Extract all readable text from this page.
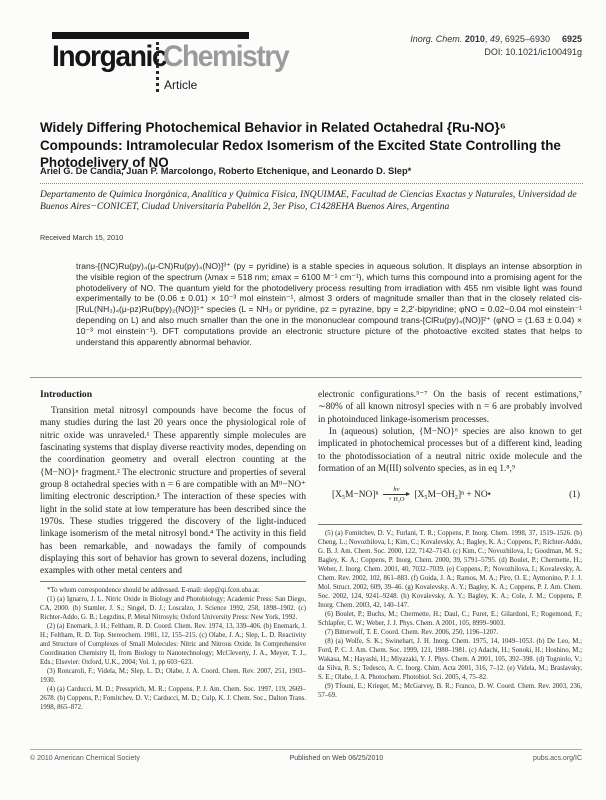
Inorganic
Chemistry
Article
Inorg. Chem. 2010, 49, 6925–6930 6925
DOI: 10.1021/ic100491g
Widely Differing Photochemical Behavior in Related Octahedral {Ru-NO}⁶ Compounds: Intramolecular Redox Isomerism of the Excited State Controlling the Photodelivery of NO
Ariel G. De Candia, Juan P. Marcolongo, Roberto Etchenique, and Leonardo D. Slep*
Departamento de Química Inorgánica, Analítica y Química Física, INQUIMAE, Facultad de Ciencias Exactas y Naturales, Universidad de Buenos Aires−CONICET, Ciudad Universitaria Pabellón 2, 3er Piso, C1428EHA Buenos Aires, Argentina
Received March 15, 2010
trans-[(NC)Ru(py)₄(μ-CN)Ru(py)₄(NO)]³⁺ (py = pyridine) is a stable species in aqueous solution. It displays an intense absorption in the visible region of the spectrum (λmax = 518 nm; εmax = 6100 M⁻¹ cm⁻¹), which turns this compound into a promising agent for the photodelivery of NO. The quantum yield for the photodelivery process resulting from irradiation with 455 nm visible light was found experimentally to be (0.06 ± 0.01) × 10⁻³ mol einstein⁻¹, almost 3 orders of magnitude smaller than that in the closely related cis-[RuL(NH₃)₄(μ-pz)Ru(bpy)₂(NO)]⁵⁺ species (L = NH₃ or pyridine, pz = pyrazine, bpy = 2,2′-bipyridine; φNO = 0.02−0.04 mol einstein⁻¹ depending on L) and also much smaller than the one in the mononuclear compound trans-[ClRu(py)₄(NO)]²⁺ (φNO = (1.63 ± 0.04) × 10⁻³ mol einstein⁻¹). DFT computations provide an electronic structure picture of the photoactive excited states that helps to understand this apparently abnormal behavior.
Introduction
Transition metal nitrosyl compounds have become the focus of many studies during the last 20 years once the physiological role of nitric oxide was unraveled.¹ These apparently simple molecules are fascinating systems that display diverse reactivity modes, depending on the coordination geometry and overall electron counting at the {M−NO}ⁿ fragment.² The electronic structure and properties of several group 8 octahedral species with n = 6 are compatible with an Mᴵᴵ−NO⁺ limiting electronic description.³ The interaction of these species with light in the solid state at low temperature has been described since the 1970s. These studies triggered the discovery of the light-induced linkage isomerism of the metal nitrosyl bond.⁴ The activity in this field has been remarkable, and nowadays the family of compounds displaying this sort of behavior has grown to several dozens, including examples with other metal centers and
*To whom correspondence should be addressed. E-mail: slep@qi.fcen.uba.ar.
(1) (a) Ignarro, J. L. Nitric Oxide in Biology and Photobiology; Academic Press: San Diego, CA, 2000. (b) Stamler, J. S.; Singel, D. J.; Loscalzo, J. Science 1992, 258, 1898–1902. (c) Richter-Addo, G. B.; Legzdins, P. Metal Nitrosyls; Oxford University Press: New York, 1992.
(2) (a) Enemark, J. H.; Feltham, R. D. Coord. Chem. Rev. 1974, 13, 339–406. (b) Enemark, J. H.; Feltham, R. D. Top. Stereochem. 1981, 12, 155–215. (c) Olabe, J. A.; Slep, L. D. Reactivity and Structure of Complexes of Small Molecules: Nitric and Nitrous Oxide. In Comprehensive Coordination Chemistry II, from Biology to Nanotechnology; McCleverty, J. A., Meyer, T. J., Eds.; Elsevier: Oxford, U.K., 2004; Vol. 1, pp 603−623.
(3) Roncaroli, F.; Videla, M.; Slep, L. D.; Olabe, J. A. Coord. Chem. Rev. 2007, 251, 1903–1930.
(4) (a) Carducci, M. D.; Pressprich, M. R.; Coppens, P. J. Am. Chem. Soc. 1997, 119, 2669–2678. (b) Coppens, P.; Fomitchev, D. V.; Carducci, M. D.; Culp, K. J. Chem. Soc., Dalton Trans. 1998, 865–872.
electronic configurations.⁵⁻⁷ On the basis of recent estimations,⁷ ∼80% of all known nitrosyl species with n = 6 are probably involved in photoinduced linkage-isomerism processes.
In (aqueous) solution, {M−NO}⁶ species are also known to get implicated in photochemical processes but of a different kind, leading to the photodissociation of a neutral nitric oxide molecule and the formation of an M(III) solvento species, as in eq 1.⁸,⁹
[X₅M−NO]ⁿ hν
+ H₂O [X₅M−OH₂]ⁿ + NO•	(1)
(5) (a) Fomitchev, D. V.; Furlani, T. R.; Coppens, P. Inorg. Chem. 1998, 37, 1519–1526. (b) Cheng, L.; Novozhilova, I.; Kim, C.; Kovalevsky, A.; Bagley, K. A.; Coppens, P.; Richter-Addo, G. B. J. Am. Chem. Soc. 2000, 122, 7142–7143. (c) Kim, C.; Novozhilova, I.; Goodman, M. S.; Bagley, K. A.; Coppens, P. Inorg. Chem. 2000, 39, 5791–5795. (d) Boulet, P.; Chermette, H.; Weber, J. Inorg. Chem. 2001, 40, 7032–7039. (e) Coppens, P.; Novozhilova, I.; Kovalevsky, A. Chem. Rev. 2002, 102, 861–883. (f) Guida, J. A.; Ramos, M. A.; Piro, O. E.; Aymonino, P. J. J. Mol. Struct. 2002, 609, 39–46. (g) Kovalevsky, A. Y.; Bagley, K. A.; Coppens, P. J. Am. Chem. Soc. 2002, 124, 9241–9248. (h) Kovalevsky, A. Y.; Bagley, K. A.; Cole, J. M.; Coppens, P. Inorg. Chem. 2003, 42, 140–147.
(6) Boulet, P.; Buchs, M.; Chermette, H.; Daul, C.; Furet, E.; Gilardoni, F.; Rogemond, F.; Schlapfer, C. W.; Weber, J. J. Phys. Chem. A 2001, 105, 8999–9003.
(7) Bitterwolf, T. E. Coord. Chem. Rev. 2006, 250, 1196–1207.
(8) (a) Wolfe, S. K.; Swinehart, J. H. Inorg. Chem. 1975, 14, 1049–1053. (b) De Leo, M.; Ford, P. C. J. Am. Chem. Soc. 1999, 121, 1980–1981. (c) Adachi, H.; Sonoki, H.; Hoshino, M.; Wakasa, M.; Hayashi, H.; Miyazaki, Y. J. Phys. Chem. A 2001, 105, 392–398. (d) Togniolo, V.; da Silva, R. S.; Tedesco, A. C. Inorg. Chim. Acta 2001, 316, 7–12. (e) Videla, M.; Braslavsky, S. E.; Olabe, J. A. Photochem. Photobiol. Sci. 2005, 4, 75–82.
(9) Tfouni, E.; Krieger, M.; McGarvey, B. R.; Franco, D. W. Coord. Chem. Rev. 2003, 236, 57–69.
© 2010 American Chemical Society	Published on Web 06/25/2010	pubs.acs.org/IC
